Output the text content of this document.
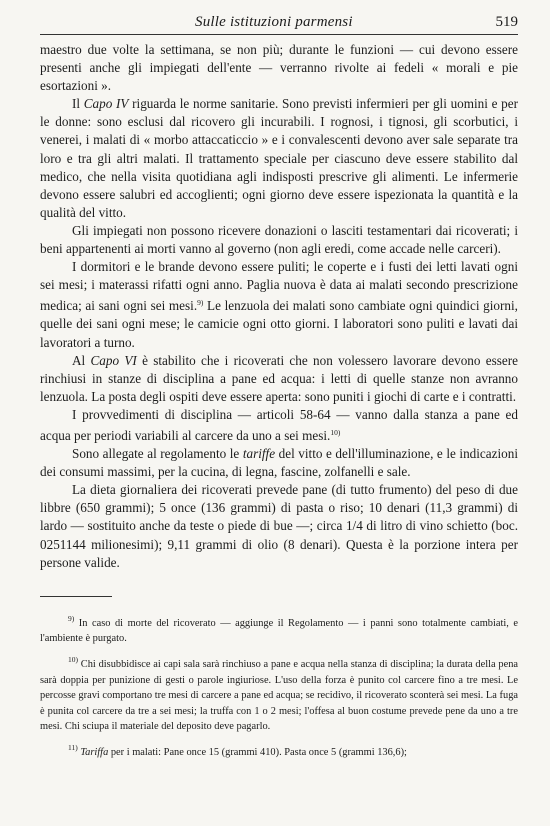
Sulle istituzioni parmensi	519

maestro due volte la settimana, se non più; durante le funzioni — cui devono essere presenti anche gli impiegati dell'ente — verranno rivolte ai fedeli « morali e pie esortazioni ».

Il Capo IV riguarda le norme sanitarie. Sono previsti infermieri per gli uomini e per le donne: sono esclusi dal ricovero gli incurabili. I rognosi, i tignosi, gli scorbutici, i venerei, i malati di « morbo attaccaticcio » e i convalescenti devono aver sale separate tra loro e tra gli altri malati. Il trattamento speciale per ciascuno deve essere stabilito dal medico, che nella visita quotidiana agli indisposti prescrive gli alimenti. Le infermerie devono essere salubri ed accoglienti; ogni giorno deve essere ispezionata la quantità e la qualità del vitto.

Gli impiegati non possono ricevere donazioni o lasciti testamentari dai ricoverati; i beni appartenenti ai morti vanno al governo (non agli eredi, come accade nelle carceri).

I dormitori e le brande devono essere puliti; le coperte e i fusti dei letti lavati ogni sei mesi; i materassi rifatti ogni anno. Paglia nuova è data ai malati secondo prescrizione medica; ai sani ogni sei mesi.$^{9)}$ Le lenzuola dei malati sono cambiate ogni quindici giorni, quelle dei sani ogni mese; le camicie ogni otto giorni. I laboratori sono puliti e lavati dai lavoratori a turno.

Al Capo VI è stabilito che i ricoverati che non volessero lavorare devono essere rinchiusi in stanze di disciplina a pane ed acqua: i letti di quelle stanze non avranno lenzuola. La posta degli ospiti deve essere aperta: sono puniti i giochi di carte e i contratti.

I provvedimenti di disciplina — articoli 58-64 — vanno dalla stanza a pane ed acqua per periodi variabili al carcere da uno a sei mesi.$^{10)}$

Sono allegate al regolamento le tariffe del vitto e dell'illuminazione, e le indicazioni dei consumi massimi, per la cucina, di legna, fascine, zolfanelli e sale.

La dieta giornaliera dei ricoverati prevede pane (di tutto frumento) del peso di due libbre (650 grammi); 5 once (136 grammi) di pasta o riso; 10 denari (11,3 grammi) di lardo — sostituito anche da teste o piede di bue —; circa 1/4 di litro di vino schietto (boc. 0251144 milionesimi); 9,11 grammi di olio (8 denari). Questa è la porzione intera per persone valide.

$^{9)}$ In caso di morte del ricoverato — aggiunge il Regolamento — i panni sono totalmente cambiati, e l'ambiente è purgato.

$^{10)}$ Chi disubbidisce ai capi sala sarà rinchiuso a pane e acqua nella stanza di disciplina; la durata della pena sarà doppia per punizione di gesti o parole ingiuriose. L'uso della forza è punito col carcere fino a tre mesi. Le percosse gravi comportano tre mesi di carcere a pane ed acqua; se recidivo, il ricoverato sconterà sei mesi. La fuga è punita col carcere da tre a sei mesi; la truffa con 1 o 2 mesi; l'offesa al buon costume prevede pene da uno a tre mesi. Chi sciupa il materiale del deposito deve pagarlo.

$^{11)}$ Tariffa per i malati: Pane once 15 (grammi 410). Pasta once 5 (grammi 136,6);
